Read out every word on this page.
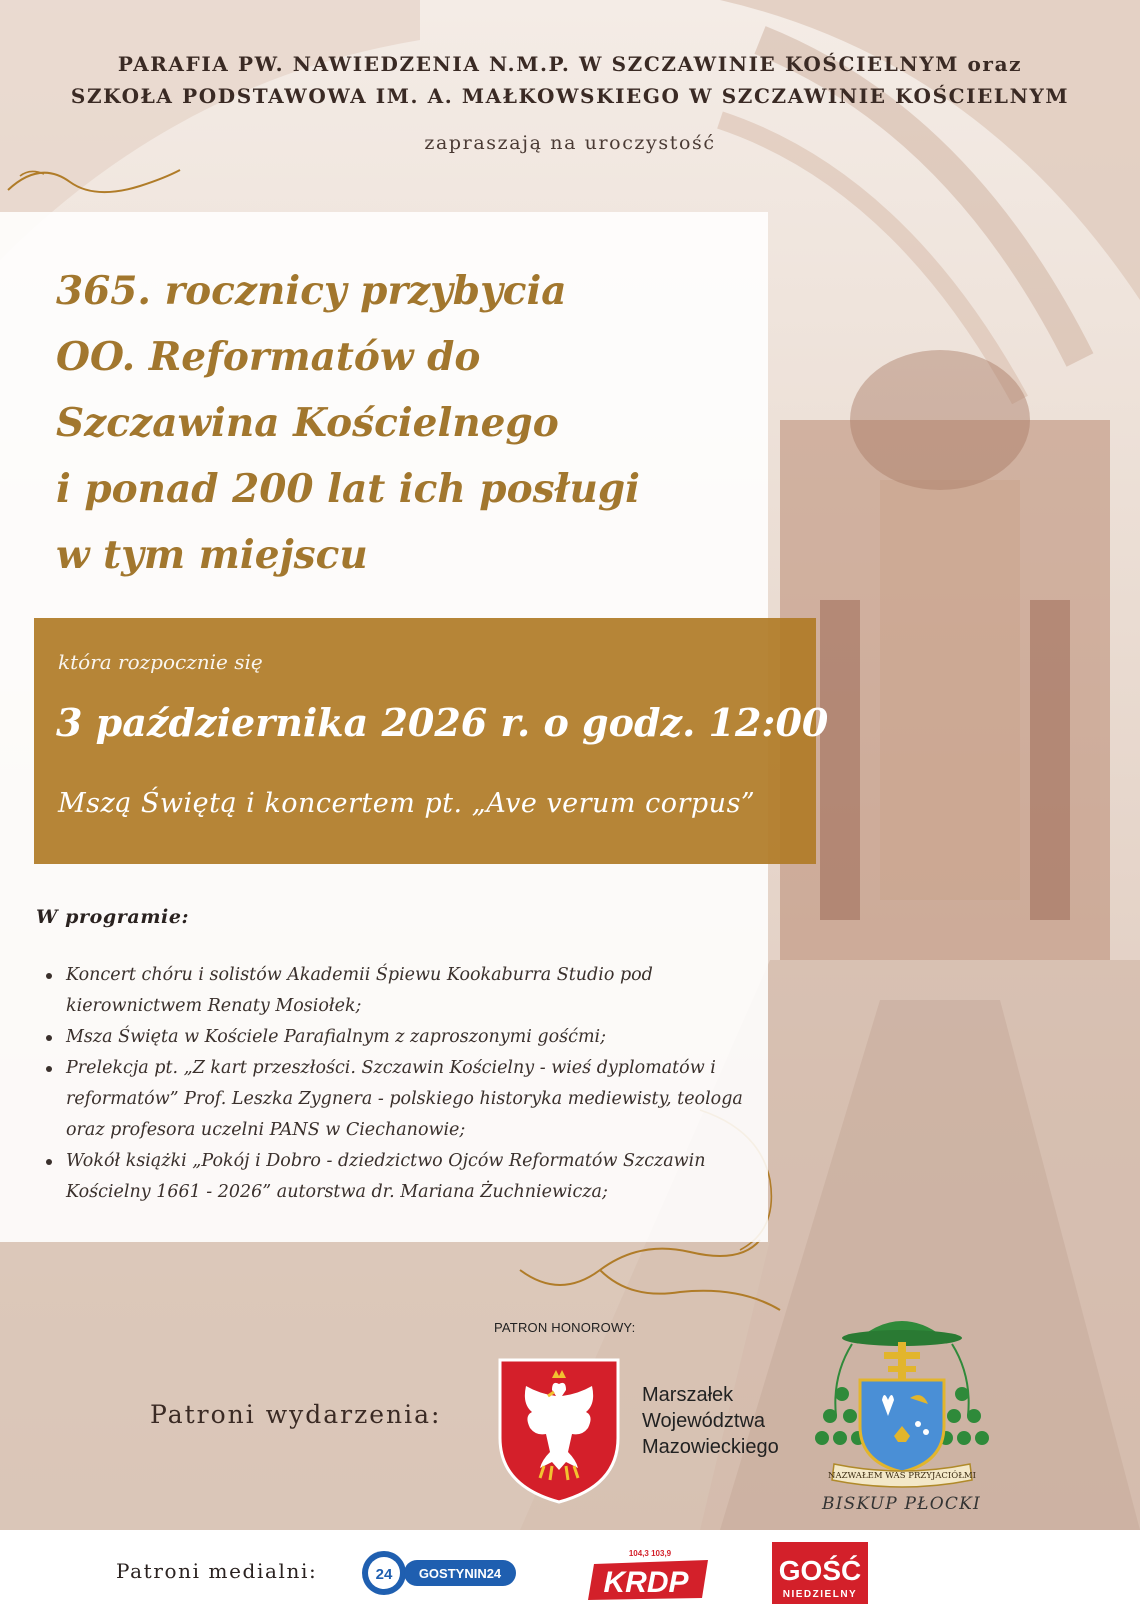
PARAFIA PW. NAWIEDZENIA N.M.P. W SZCZAWINIE KOŚCIELNYM oraz
SZKOŁA PODSTAWOWA IM. A. MAŁKOWSKIEGO W SZCZAWINIE KOŚCIELNYM
zapraszają na uroczystość
365. rocznicy przybycia
OO. Reformatów do
Szczawina Kościelnego
i ponad 200 lat ich posługi
w tym miejscu
która rozpocznie się
3 października 2026 r. o godz. 12:00
Mszą Świętą i koncertem pt. „Ave verum corpus”
W programie:
Koncert chóru i solistów Akademii Śpiewu Kookaburra Studio pod kierownictwem Renaty Mosiołek;
Msza Święta w Kościele Parafialnym z zaproszonymi gośćmi;
Prelekcja pt. „Z kart przeszłości. Szczawin Kościelny - wieś dyplomatów i reformatów” Prof. Leszka Zygnera - polskiego historyka mediewisty, teologa oraz profesora uczelni PANS w Ciechanowie;
Wokół książki „Pokój i Dobro - dziedzictwo Ojców Reformatów Szczawin Kościelny 1661 - 2026” autorstwa dr. Mariana Żuchniewicza;
PATRON HONOROWY:
Patroni wydarzenia:
Marszałek
Województwa
Mazowieckiego
NAZWAŁEM WAS PRZYJACIÓŁMI
BISKUP PŁOCKI
Patroni medialni:	24 GOSTYNIN24
104,3 103,9
KRDP	GOŚĆ
NIEDZIELNY
